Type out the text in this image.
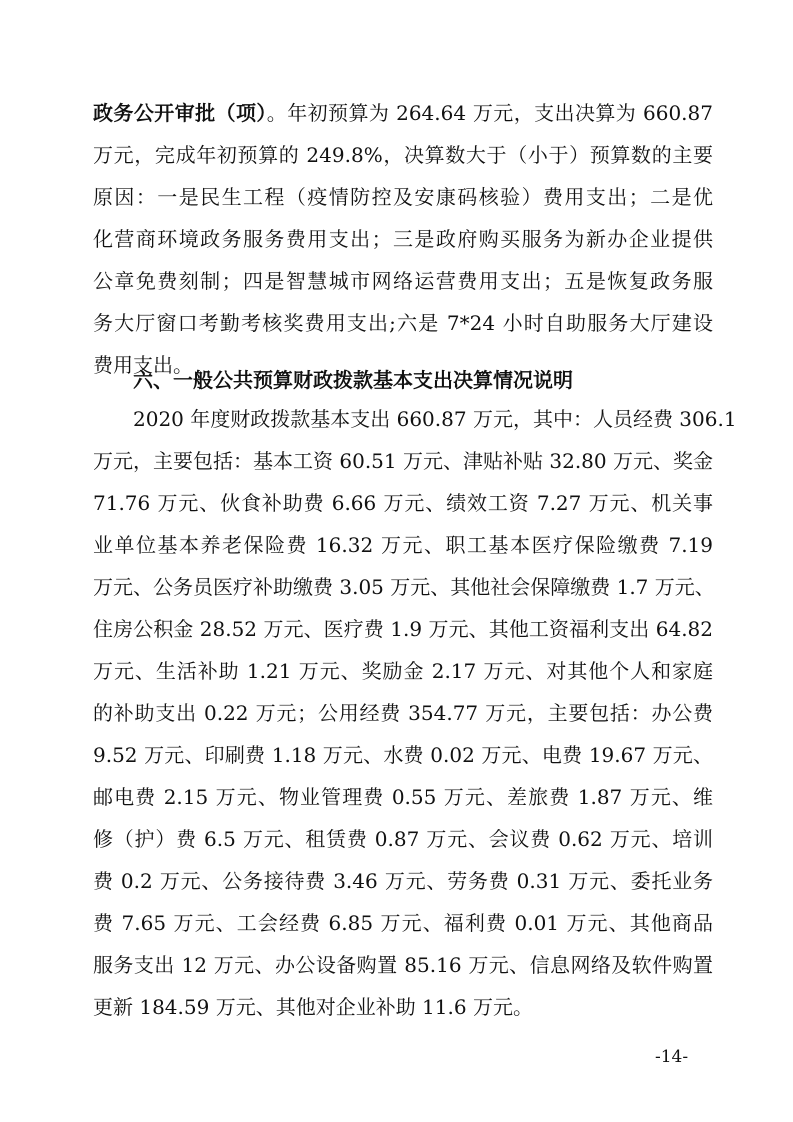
政务公开审批（项）。年初预算为 264.64 万元，支出决算为 660.87
万元，完成年初预算的 249.8%，决算数大于（小于）预算数的主要
原因：一是民生工程（疫情防控及安康码核验）费用支出；二是优
化营商环境政务服务费用支出；三是政府购买服务为新办企业提供
公章免费刻制；四是智慧城市网络运营费用支出；五是恢复政务服
务大厅窗口考勤考核奖费用支出;六是 7*24 小时自助服务大厅建设
费用支出。
六、一般公共预算财政拨款基本支出决算情况说明
2020 年度财政拨款基本支出 660.87 万元，其中：人员经费 306.1
万元，主要包括：基本工资 60.51 万元、津贴补贴 32.80 万元、奖金
71.76 万元、伙食补助费 6.66 万元、绩效工资 7.27 万元、机关事
业单位基本养老保险费 16.32 万元、职工基本医疗保险缴费 7.19
万元、公务员医疗补助缴费 3.05 万元、其他社会保障缴费 1.7 万元、
住房公积金 28.52 万元、医疗费 1.9 万元、其他工资福利支出 64.82
万元、生活补助 1.21 万元、奖励金 2.17 万元、对其他个人和家庭
的补助支出 0.22 万元；公用经费 354.77 万元，主要包括：办公费
9.52 万元、印刷费 1.18 万元、水费 0.02 万元、电费 19.67 万元、
邮电费 2.15 万元、物业管理费 0.55 万元、差旅费 1.87 万元、维
修（护）费 6.5 万元、租赁费 0.87 万元、会议费 0.62 万元、培训
费 0.2 万元、公务接待费 3.46 万元、劳务费 0.31 万元、委托业务
费 7.65 万元、工会经费 6.85 万元、福利费 0.01 万元、其他商品
服务支出 12 万元、办公设备购置 85.16 万元、信息网络及软件购置
更新 184.59 万元、其他对企业补助 11.6 万元。
-14-
